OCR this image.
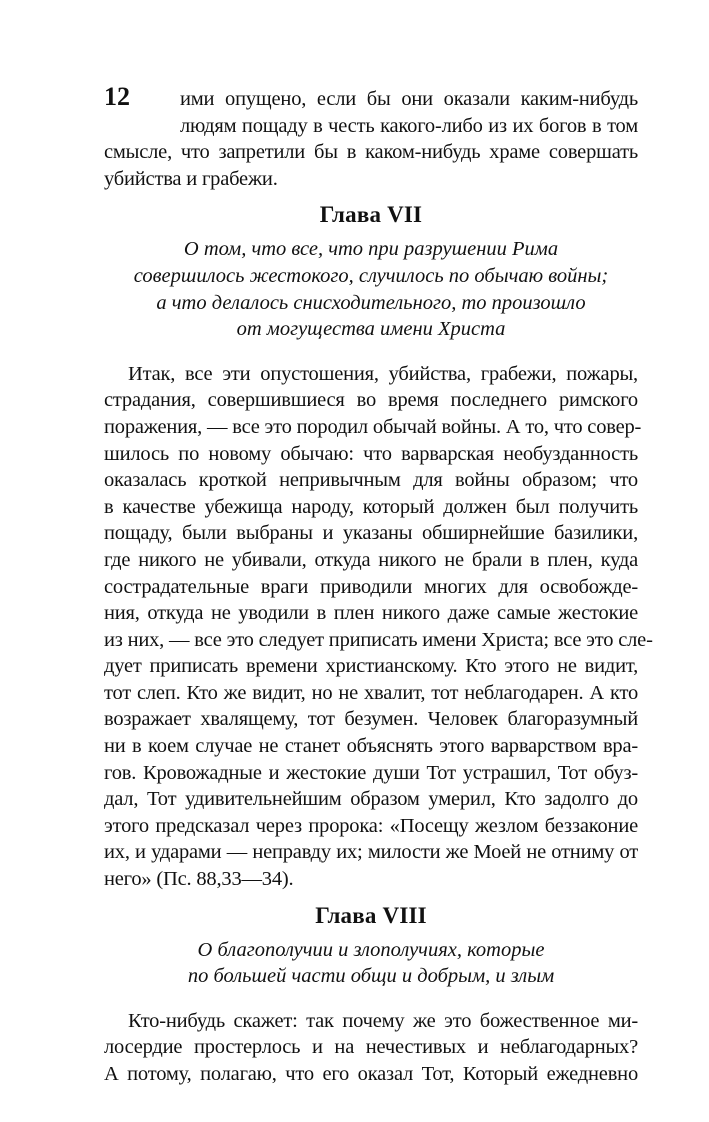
12	ими опущено, если бы они оказали каким-нибудь
людям пощаду в честь какого-либо из их богов в том
смысле, что запретили бы в каком-нибудь храме совершать
убийства и грабежи.
Глава VII
О том, что все, что при разрушении Рима
совершилось жестокого, случилось по обычаю войны;
а что делалось снисходительного, то произошло
от могущества имени Христа
Итак, все эти опустошения, убийства, грабежи, пожары,
страдания, совершившиеся во время последнего римского
поражения, — все это породил обычай войны. А то, что совер-
шилось по новому обычаю: что варварская необузданность
оказалась кроткой непривычным для войны образом; что
в качестве убежища народу, который должен был получить
пощаду, были выбраны и указаны обширнейшие базилики,
где никого не убивали, откуда никого не брали в плен, куда
сострадательные враги приводили многих для освобожде-
ния, откуда не уводили в плен никого даже самые жестокие
из них, — все это следует приписать имени Христа; все это сле-
дует приписать времени христианскому. Кто этого не видит,
тот слеп. Кто же видит, но не хвалит, тот неблагодарен. А кто
возражает хвалящему, тот безумен. Человек благоразумный
ни в коем случае не станет объяснять этого варварством вра-
гов. Кровожадные и жестокие души Тот устрашил, Тот обуз-
дал, Тот удивительнейшим образом умерил, Кто задолго до
этого предсказал через пророка: «Посещу жезлом беззаконие
их, и ударами — неправду их; милости же Моей не отниму от
него» (Пс. 88,33—34).
Глава VIII
О благополучии и злополучиях, которые
по большей части общи и добрым, и злым
Кто-нибудь скажет: так почему же это божественное ми-
лосердие простерлось и на нечестивых и неблагодарных?
А потому, полагаю, что его оказал Тот, Который ежедневно
